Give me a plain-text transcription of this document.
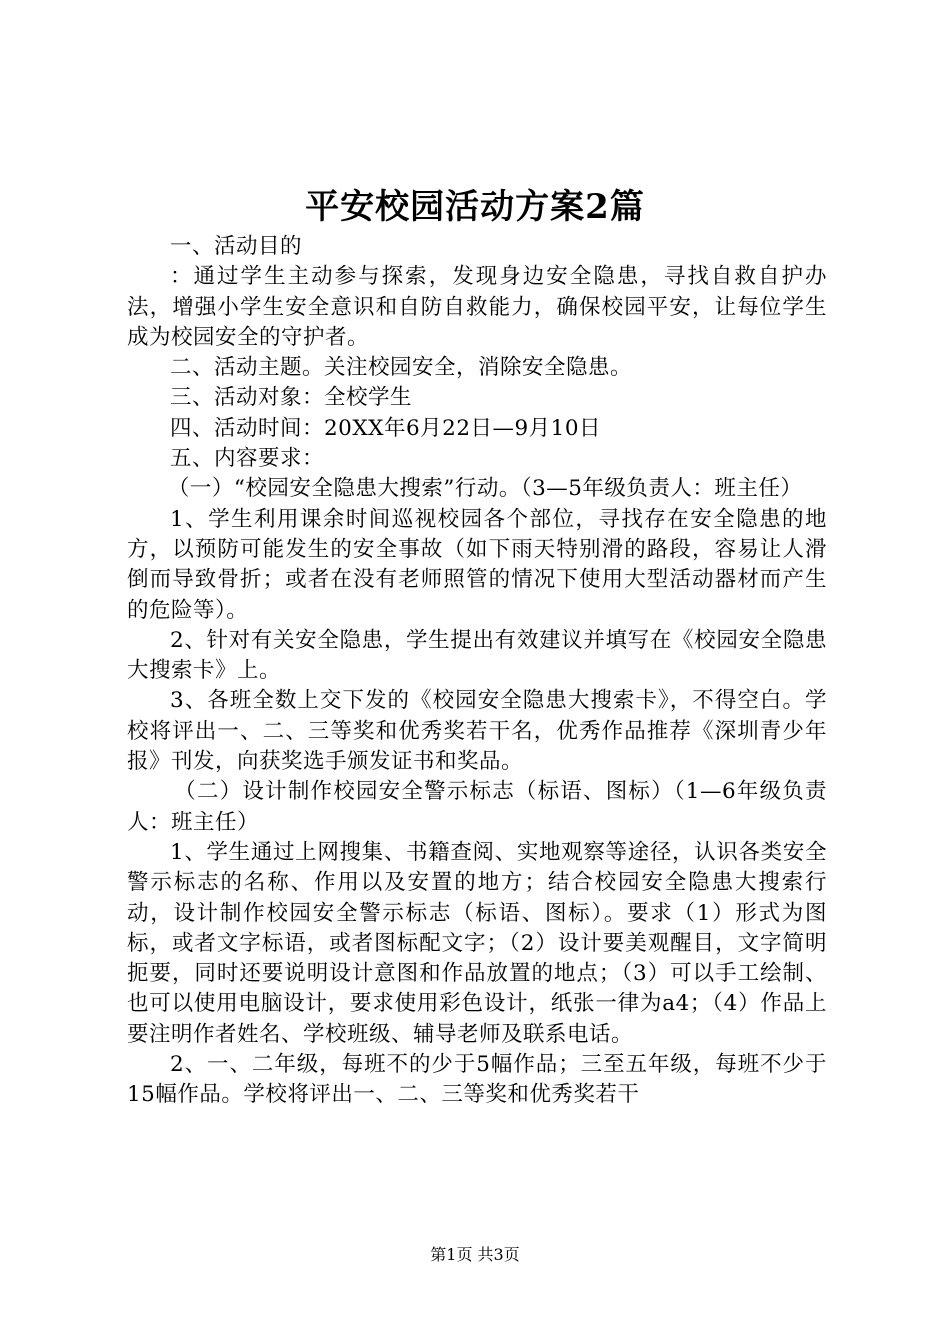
平安校园活动方案2篇

一、活动目的

：通过学生主动参与探索，发现身边安全隐患，寻找自救自护办法，增强小学生安全意识和自防自救能力，确保校园平安，让每位学生成为校园安全的守护者。

二、活动主题。关注校园安全，消除安全隐患。

三、活动对象：全校学生

四、活动时间：20XX年6月22日—9月10日

五、内容要求：

（一）“校园安全隐患大搜索”行动。（3—5年级负责人：班主任）

1、学生利用课余时间巡视校园各个部位，寻找存在安全隐患的地方，以预防可能发生的安全事故（如下雨天特别滑的路段，容易让人滑倒而导致骨折；或者在没有老师照管的情况下使用大型活动器材而产生的危险等）。

2、针对有关安全隐患，学生提出有效建议并填写在《校园安全隐患大搜索卡》上。

3、各班全数上交下发的《校园安全隐患大搜索卡》，不得空白。学校将评出一、二、三等奖和优秀奖若干名，优秀作品推荐《深圳青少年报》刊发，向获奖选手颁发证书和奖品。

（二）设计制作校园安全警示标志（标语、图标）（1—6年级负责人：班主任）

1、学生通过上网搜集、书籍查阅、实地观察等途径，认识各类安全警示标志的名称、作用以及安置的地方；结合校园安全隐患大搜索行动，设计制作校园安全警示标志（标语、图标）。要求（1）形式为图标，或者文字标语，或者图标配文字；（2）设计要美观醒目，文字简明扼要，同时还要说明设计意图和作品放置的地点；（3）可以手工绘制、也可以使用电脑设计，要求使用彩色设计，纸张一律为a4；（4）作品上要注明作者姓名、学校班级、辅导老师及联系电话。

2、一、二年级，每班不的少于5幅作品；三至五年级，每班不少于15幅作品。学校将评出一、二、三等奖和优秀奖若干

第1页 共3页
